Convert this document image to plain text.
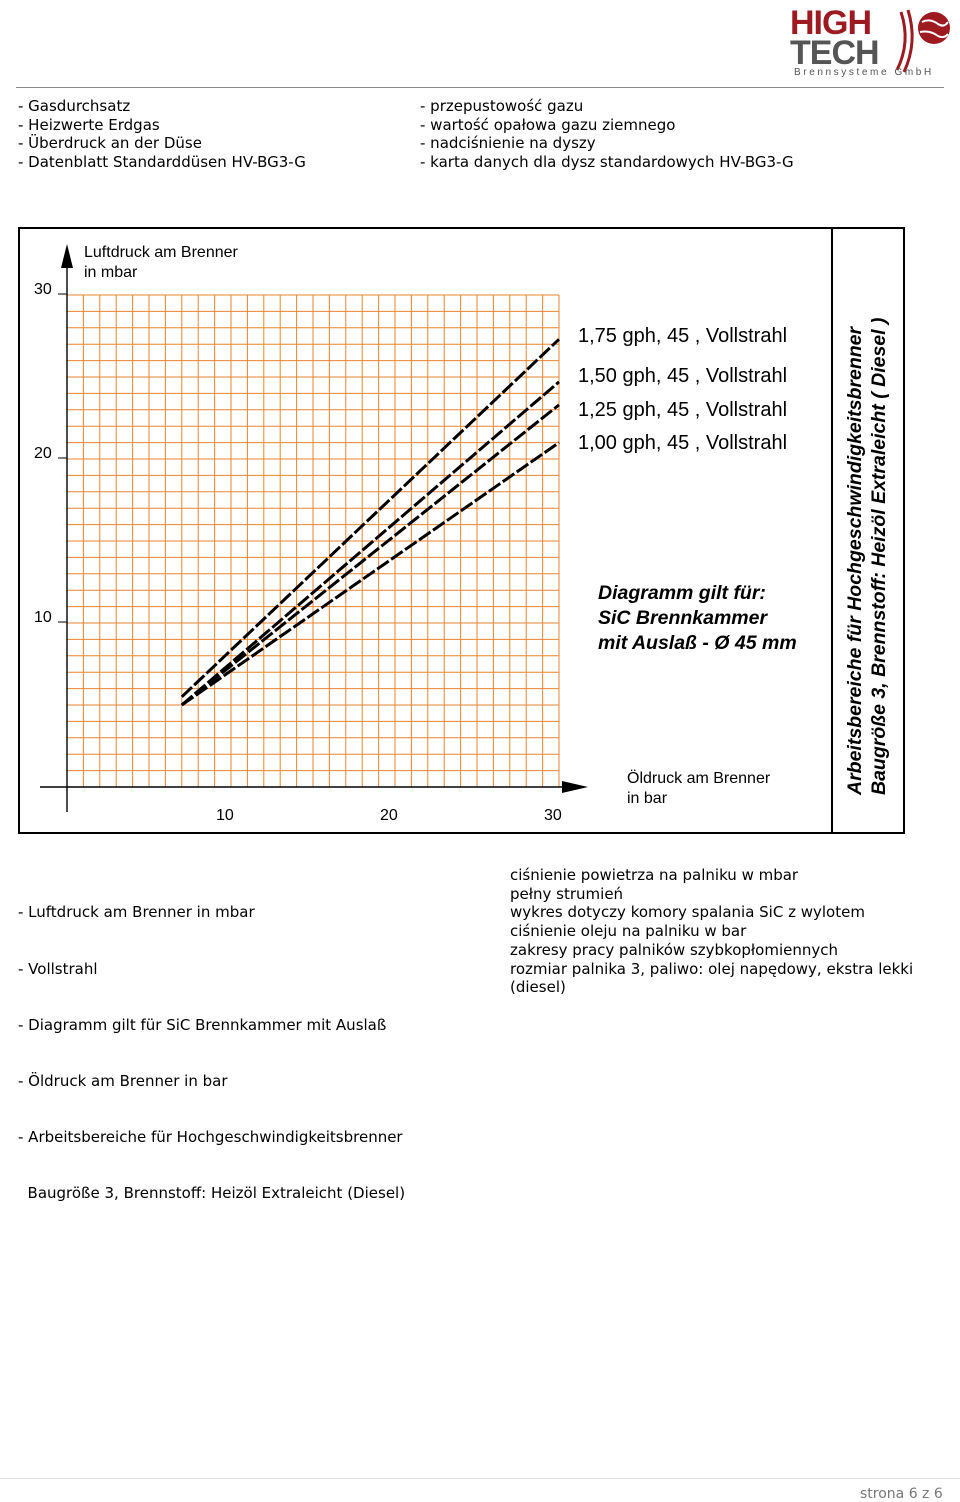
HIGH
TECH
Brennsysteme GmbH
- Gasdurchsatz
- Heizwerte Erdgas
- Überdruck an der Düse
- Datenblatt Standarddüsen HV-BG3-G
- przepustowość gazu
- wartość opałowa gazu ziemnego
- nadciśnienie na dyszy
- karta danych dla dysz standardowych HV-BG3-G
30
20
10
10	20	30
Luftdruck am Brenner
in mbar
Öldruck am Brenner
in bar
1,75 gph, 45 , Vollstrahl
1,50 gph, 45 , Vollstrahl
1,25 gph, 45 , Vollstrahl
1,00 gph, 45 , Vollstrahl
Diagramm gilt für:
SiC Brennkammer
mit Auslaß - Ø 45 mm Arbeitsbereiche für Hochgeschwindigkeitsbrenner Baugröße 3, Brennstoff: Heizöl Extraleicht ( Diesel )

- Luftdruck am Brenner in mbar

- Vollstrahl

- Diagramm gilt für SiC Brennkammer mit Auslaß

- Öldruck am Brenner in bar

- Arbeitsbereiche für Hochgeschwindigkeitsbrenner

Baugröße 3, Brennstoff: Heizöl Extraleicht (Diesel)

ciśnienie powietrza na palniku w mbar
pełny strumień
wykres dotyczy komory spalania SiC z wylotem
ciśnienie oleju na palniku w bar
zakresy pracy palników szybkopłomiennych
rozmiar palnika 3, paliwo: olej napędowy, ekstra lekki
(diesel)
strona 6 z 6
